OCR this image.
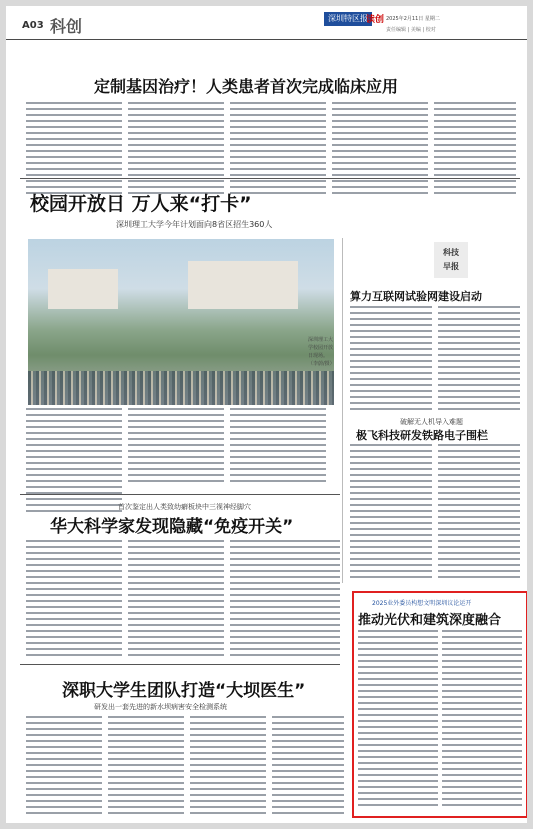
A03 科创	深圳特区报
读创 2025年2月11日 星期二
责任编辑 | 美编 | 校对
定制基因治疗！人类患者首次完成临床应用
校园开放日 万人来“打卡”
深圳理工大学今年计划面向8省区招生360人
深圳理工大学校园开放日现场。（李蔚/摄）
科技
早报
算力互联网试验网建设启动
破解无人机导入难题
极飞科技研发铁路电子围栏
首次鉴定出人类致幼癖板块中三视神经脚穴
华大科学家发现隐藏“免疫开关”
深职大学生团队打造“大坝医生”
研发出一套先进的新水坝病害安全检测系统
2025业外委员构想文明深圳议论运开
推动光伏和建筑深度融合
